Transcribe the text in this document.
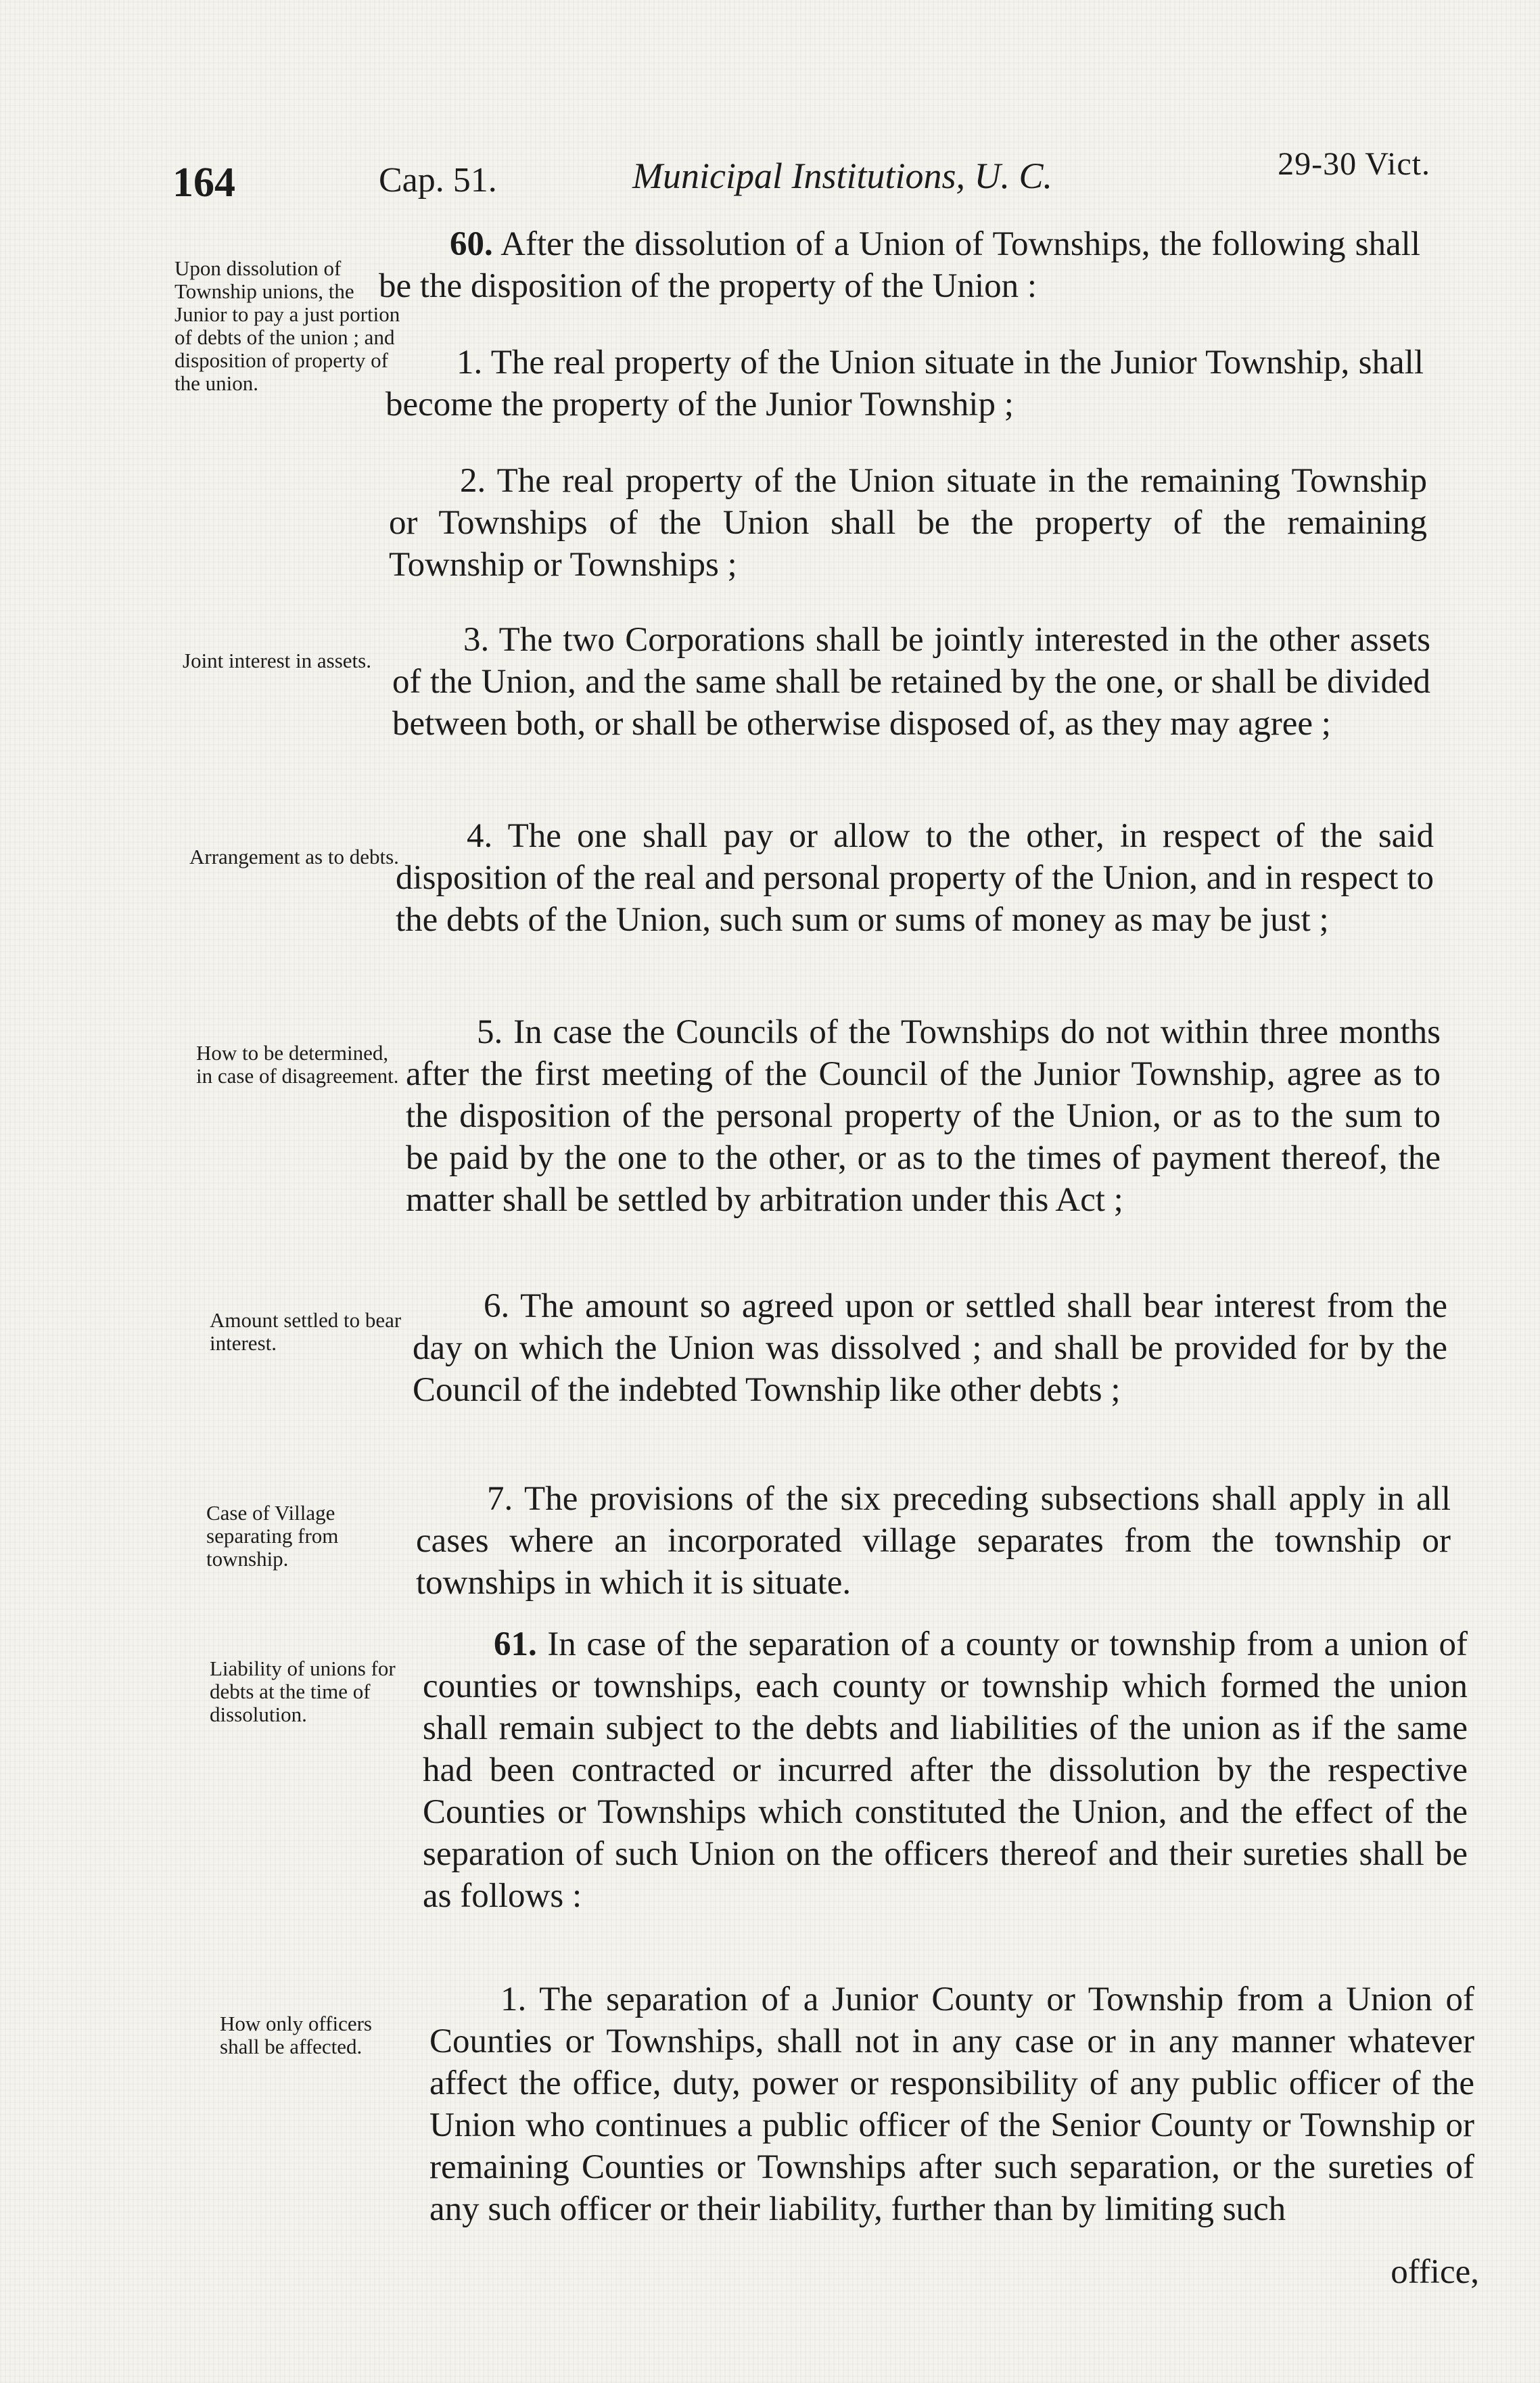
164	Cap. 51.	Municipal Institutions, U. C.	29-30 Vict.
Upon dissolution of Township unions, the Junior to pay a just portion of debts of the union ; and disposition of property of the union.
60. After the dissolution of a Union of Townships, the following shall be the disposition of the property of the Union :
1. The real property of the Union situate in the Junior Township, shall become the property of the Junior Township ;
2. The real property of the Union situate in the remaining Township or Townships of the Union shall be the property of the remaining Township or Townships ;
Joint interest in assets.
3. The two Corporations shall be jointly interested in the other assets of the Union, and the same shall be retained by the one, or shall be divided between both, or shall be otherwise disposed of, as they may agree ;
Arrangement as to debts.
4. The one shall pay or allow to the other, in respect of the said disposition of the real and personal property of the Union, and in respect to the debts of the Union, such sum or sums of money as may be just ;
How to be determined, in case of disagreement.
5. In case the Councils of the Townships do not within three months after the first meeting of the Council of the Junior Township, agree as to the disposition of the personal property of the Union, or as to the sum to be paid by the one to the other, or as to the times of payment thereof, the matter shall be settled by arbitration under this Act ;
Amount settled to bear interest.
6. The amount so agreed upon or settled shall bear interest from the day on which the Union was dissolved ; and shall be provided for by the Council of the indebted Township like other debts ;
Case of Village separating from township.
7. The provisions of the six preceding subsections shall apply in all cases where an incorporated village separates from the township or townships in which it is situate.
Liability of unions for debts at the time of dissolution.
61. In case of the separation of a county or township from a union of counties or townships, each county or township which formed the union shall remain subject to the debts and liabilities of the union as if the same had been contracted or incurred after the dissolution by the respective Counties or Townships which constituted the Union, and the effect of the separation of such Union on the officers thereof and their sureties shall be as follows :
How only officers shall be affected.
1. The separation of a Junior County or Township from a Union of Counties or Townships, shall not in any case or in any manner whatever affect the office, duty, power or responsibility of any public officer of the Union who continues a public officer of the Senior County or Township or remaining Counties or Townships after such separation, or the sureties of any such officer or their liability, further than by limiting such
office,
